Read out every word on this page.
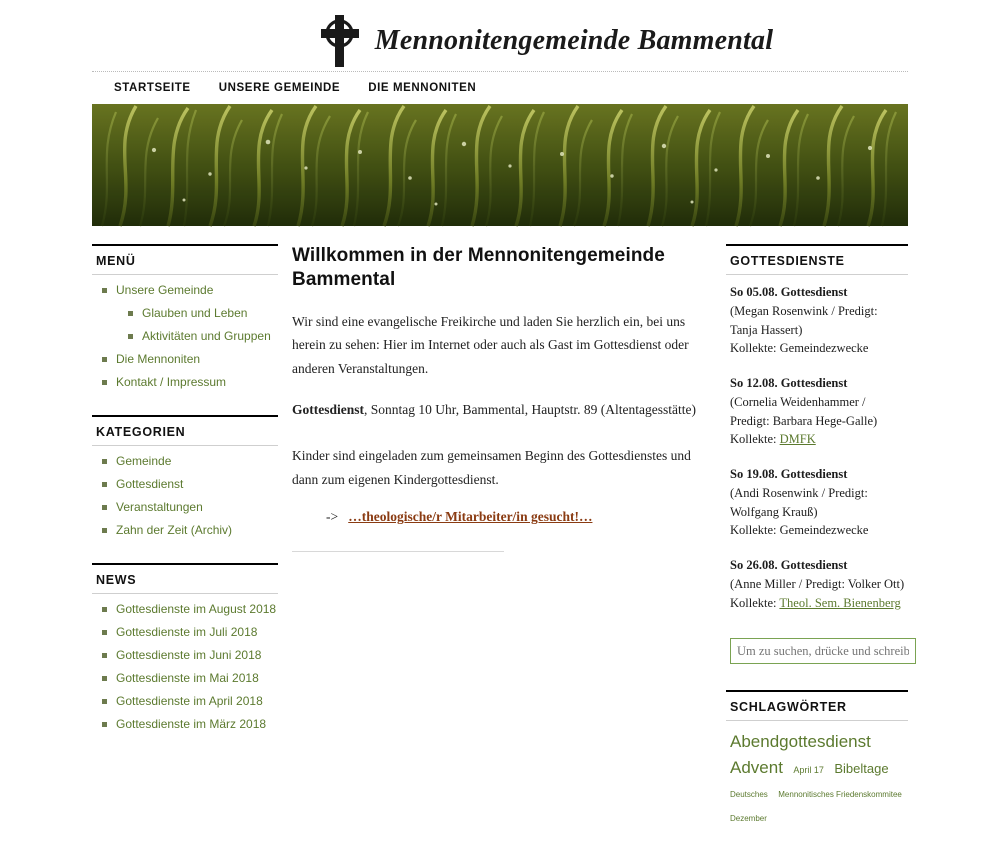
Mennonitengemeinde Bammental
STARTSEITE	UNSERE GEMEINDE	DIE MENNONITEN
MENÜ
Unsere Gemeinde
Glauben und Leben
Aktivitäten und Gruppen
Die Mennoniten
Kontakt / Impressum
KATEGORIEN
Gemeinde
Gottesdienst
Veranstaltungen
Zahn der Zeit (Archiv)
NEWS
Gottesdienste im August 2018
Gottesdienste im Juli 2018
Gottesdienste im Juni 2018
Gottesdienste im Mai 2018
Gottesdienste im April 2018
Gottesdienste im März 2018
Willkommen in der Mennonitengemeinde Bammental

Wir sind eine evangelische Freikirche und laden Sie herzlich ein, bei uns herein zu sehen: Hier im Internet oder auch als Gast im Gottesdienst oder anderen Veranstaltungen.

Gottesdienst, Sonntag 10 Uhr, Bammental, Hauptstr. 89 (Altentagesstätte)

Kinder sind eingeladen zum gemeinsamen Beginn des Gottesdienstes und dann zum eigenen Kindergottesdienst.

-> …theologische/r Mitarbeiter/in gesucht!…
GOTTESDIENSTE
So 05.08. Gottesdienst
(Megan Rosenwink / Predigt: Tanja Hassert)
Kollekte: Gemeindezwecke
So 12.08. Gottesdienst
(Cornelia Weidenhammer / Predigt: Barbara Hege-Galle)
Kollekte: DMFK
So 19.08. Gottesdienst
(Andi Rosenwink / Predigt: Wolfgang Krauß)
Kollekte: Gemeindezwecke
So 26.08. Gottesdienst
(Anne Miller / Predigt: Volker Ott)
Kollekte: Theol. Sem. Bienenberg
Um zu suchen, drücke und schreibe
SCHLAGWÖRTER
Abendgottesdienst Advent April 17 Bibeltage Deutsches Mennonitisches Friedenskommitee Dezember
